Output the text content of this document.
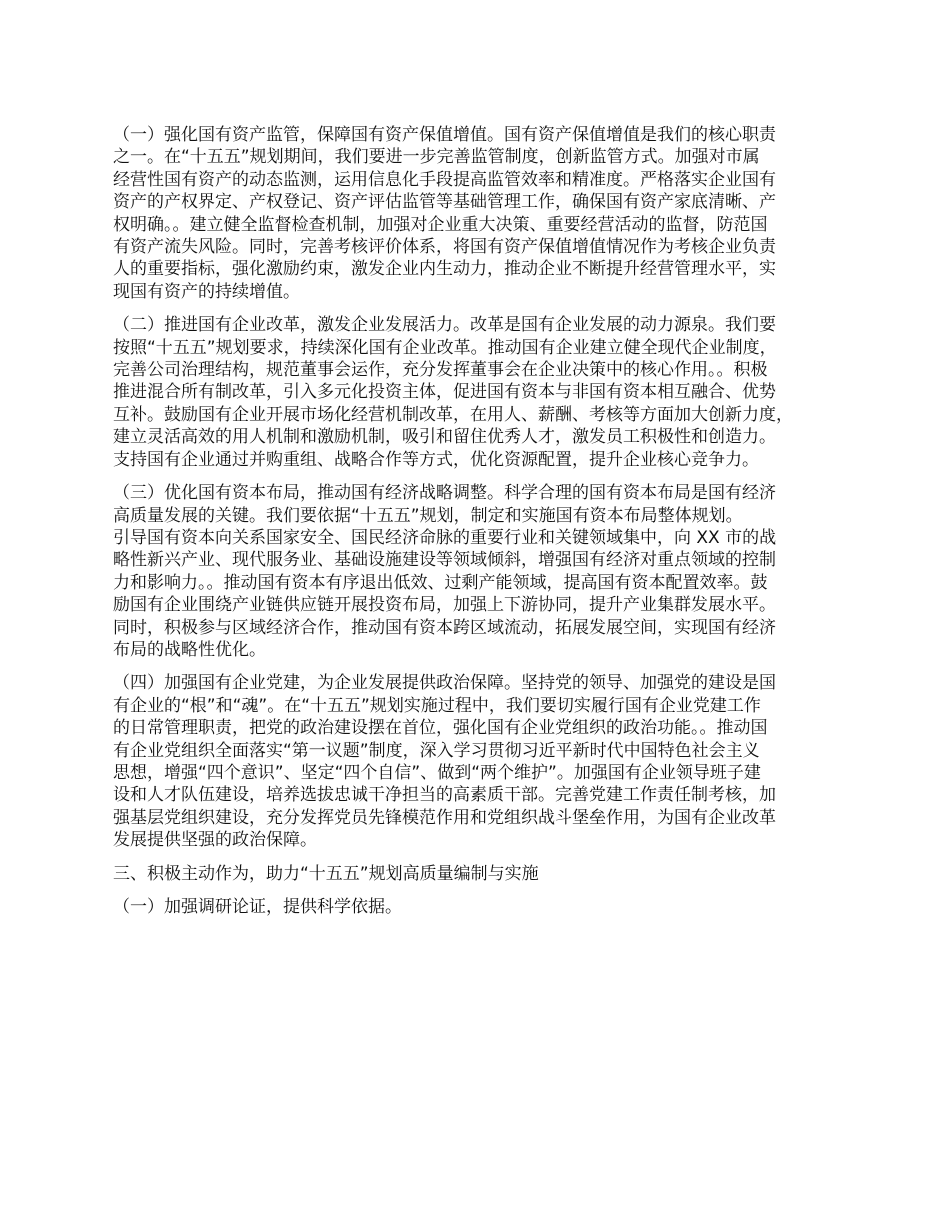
（一）强化国有资产监管，保障国有资产保值增值。国有资产保值增值是我们的核心职责
之一。在“十五五”规划期间，我们要进一步完善监管制度，创新监管方式。加强对市属
经营性国有资产的动态监测，运用信息化手段提高监管效率和精准度。严格落实企业国有
资产的产权界定、产权登记、资产评估监管等基础管理工作，确保国有资产家底清晰、产
权明确。。建立健全监督检查机制，加强对企业重大决策、重要经营活动的监督，防范国
有资产流失风险。同时，完善考核评价体系，将国有资产保值增值情况作为考核企业负责
人的重要指标，强化激励约束，激发企业内生动力，推动企业不断提升经营管理水平，实
现国有资产的持续增值。
（二）推进国有企业改革，激发企业发展活力。改革是国有企业发展的动力源泉。我们要
按照“十五五”规划要求，持续深化国有企业改革。推动国有企业建立健全现代企业制度，
完善公司治理结构，规范董事会运作，充分发挥董事会在企业决策中的核心作用。。积极
推进混合所有制改革，引入多元化投资主体，促进国有资本与非国有资本相互融合、优势
互补。鼓励国有企业开展市场化经营机制改革，在用人、薪酬、考核等方面加大创新力度，
建立灵活高效的用人机制和激励机制，吸引和留住优秀人才，激发员工积极性和创造力。
支持国有企业通过并购重组、战略合作等方式，优化资源配置，提升企业核心竞争力。
（三）优化国有资本布局，推动国有经济战略调整。科学合理的国有资本布局是国有经济
高质量发展的关键。我们要依据“十五五”规划，制定和实施国有资本布局整体规划。
引导国有资本向关系国家安全、国民经济命脉的重要行业和关键领域集中，向 XX 市的战
略性新兴产业、现代服务业、基础设施建设等领域倾斜，增强国有经济对重点领域的控制
力和影响力。。推动国有资本有序退出低效、过剩产能领域，提高国有资本配置效率。鼓
励国有企业围绕产业链供应链开展投资布局，加强上下游协同，提升产业集群发展水平。
同时，积极参与区域经济合作，推动国有资本跨区域流动，拓展发展空间，实现国有经济
布局的战略性优化。
（四）加强国有企业党建，为企业发展提供政治保障。坚持党的领导、加强党的建设是国
有企业的“根”和“魂”。在“十五五”规划实施过程中，我们要切实履行国有企业党建工作
的日常管理职责，把党的政治建设摆在首位，强化国有企业党组织的政治功能。。推动国
有企业党组织全面落实“第一议题”制度，深入学习贯彻习近平新时代中国特色社会主义
思想，增强“四个意识”、坚定“四个自信”、做到“两个维护”。加强国有企业领导班子建
设和人才队伍建设，培养选拔忠诚干净担当的高素质干部。完善党建工作责任制考核，加
强基层党组织建设，充分发挥党员先锋模范作用和党组织战斗堡垒作用，为国有企业改革
发展提供坚强的政治保障。
三、积极主动作为，助力“十五五”规划高质量编制与实施
（一）加强调研论证，提供科学依据。
